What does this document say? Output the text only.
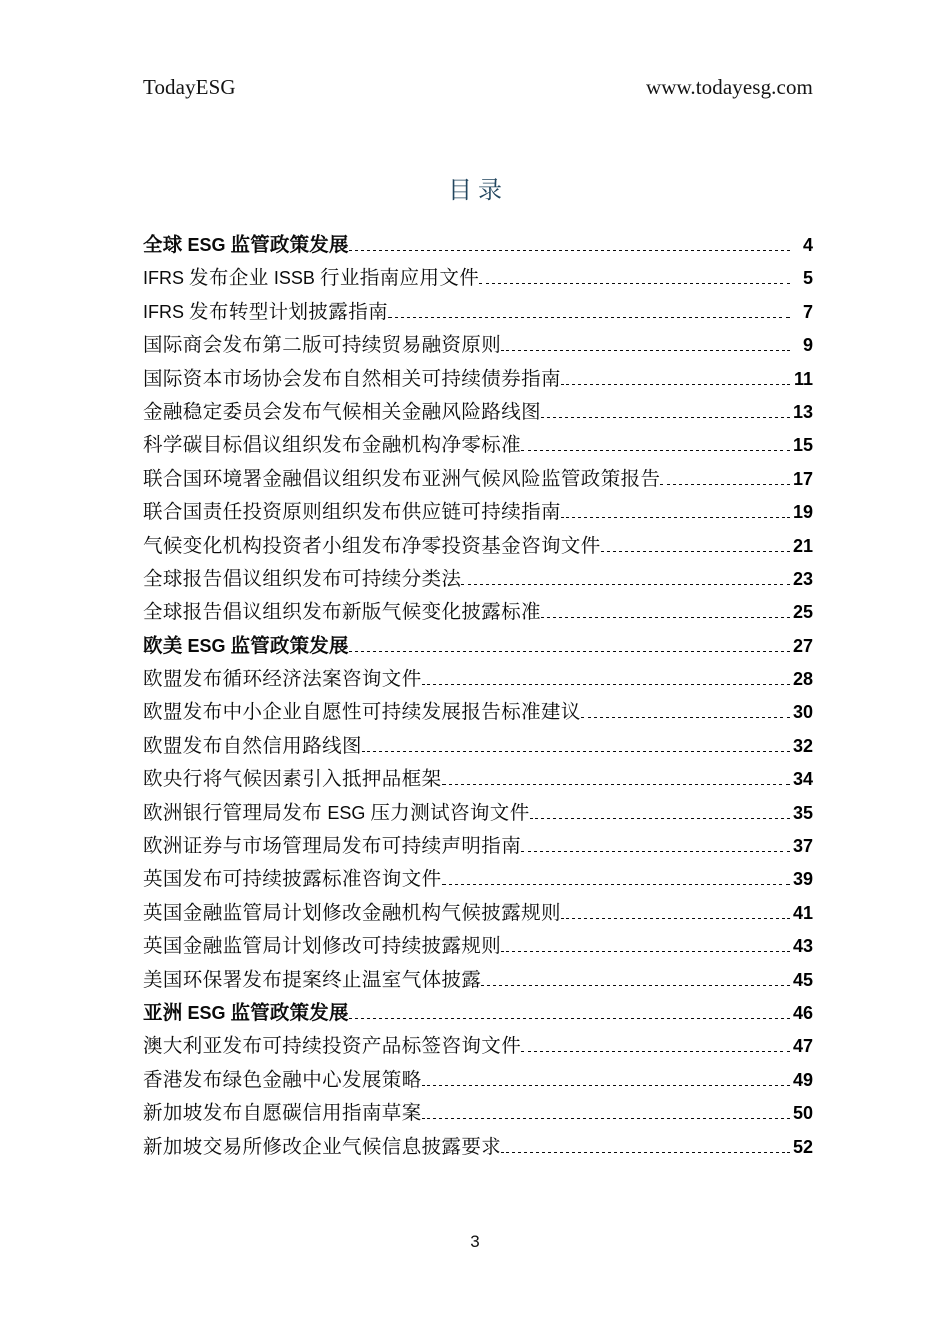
TodayESG	www.todayesg.com
目录
全球 ESG 监管政策发展	4
IFRS 发布企业 ISSB 行业指南应用文件	5
IFRS 发布转型计划披露指南	7
国际商会发布第二版可持续贸易融资原则	9
国际资本市场协会发布自然相关可持续债券指南	11
金融稳定委员会发布气候相关金融风险路线图	13
科学碳目标倡议组织发布金融机构净零标准	15
联合国环境署金融倡议组织发布亚洲气候风险监管政策报告	17
联合国责任投资原则组织发布供应链可持续指南	19
气候变化机构投资者小组发布净零投资基金咨询文件	21
全球报告倡议组织发布可持续分类法	23
全球报告倡议组织发布新版气候变化披露标准	25
欧美 ESG 监管政策发展	27
欧盟发布循环经济法案咨询文件	28
欧盟发布中小企业自愿性可持续发展报告标准建议	30
欧盟发布自然信用路线图	32
欧央行将气候因素引入抵押品框架	34
欧洲银行管理局发布 ESG 压力测试咨询文件	35
欧洲证券与市场管理局发布可持续声明指南	37
英国发布可持续披露标准咨询文件	39
英国金融监管局计划修改金融机构气候披露规则	41
英国金融监管局计划修改可持续披露规则	43
美国环保署发布提案终止温室气体披露	45
亚洲 ESG 监管政策发展	46
澳大利亚发布可持续投资产品标签咨询文件	47
香港发布绿色金融中心发展策略	49
新加坡发布自愿碳信用指南草案	50
新加坡交易所修改企业气候信息披露要求	52
3
